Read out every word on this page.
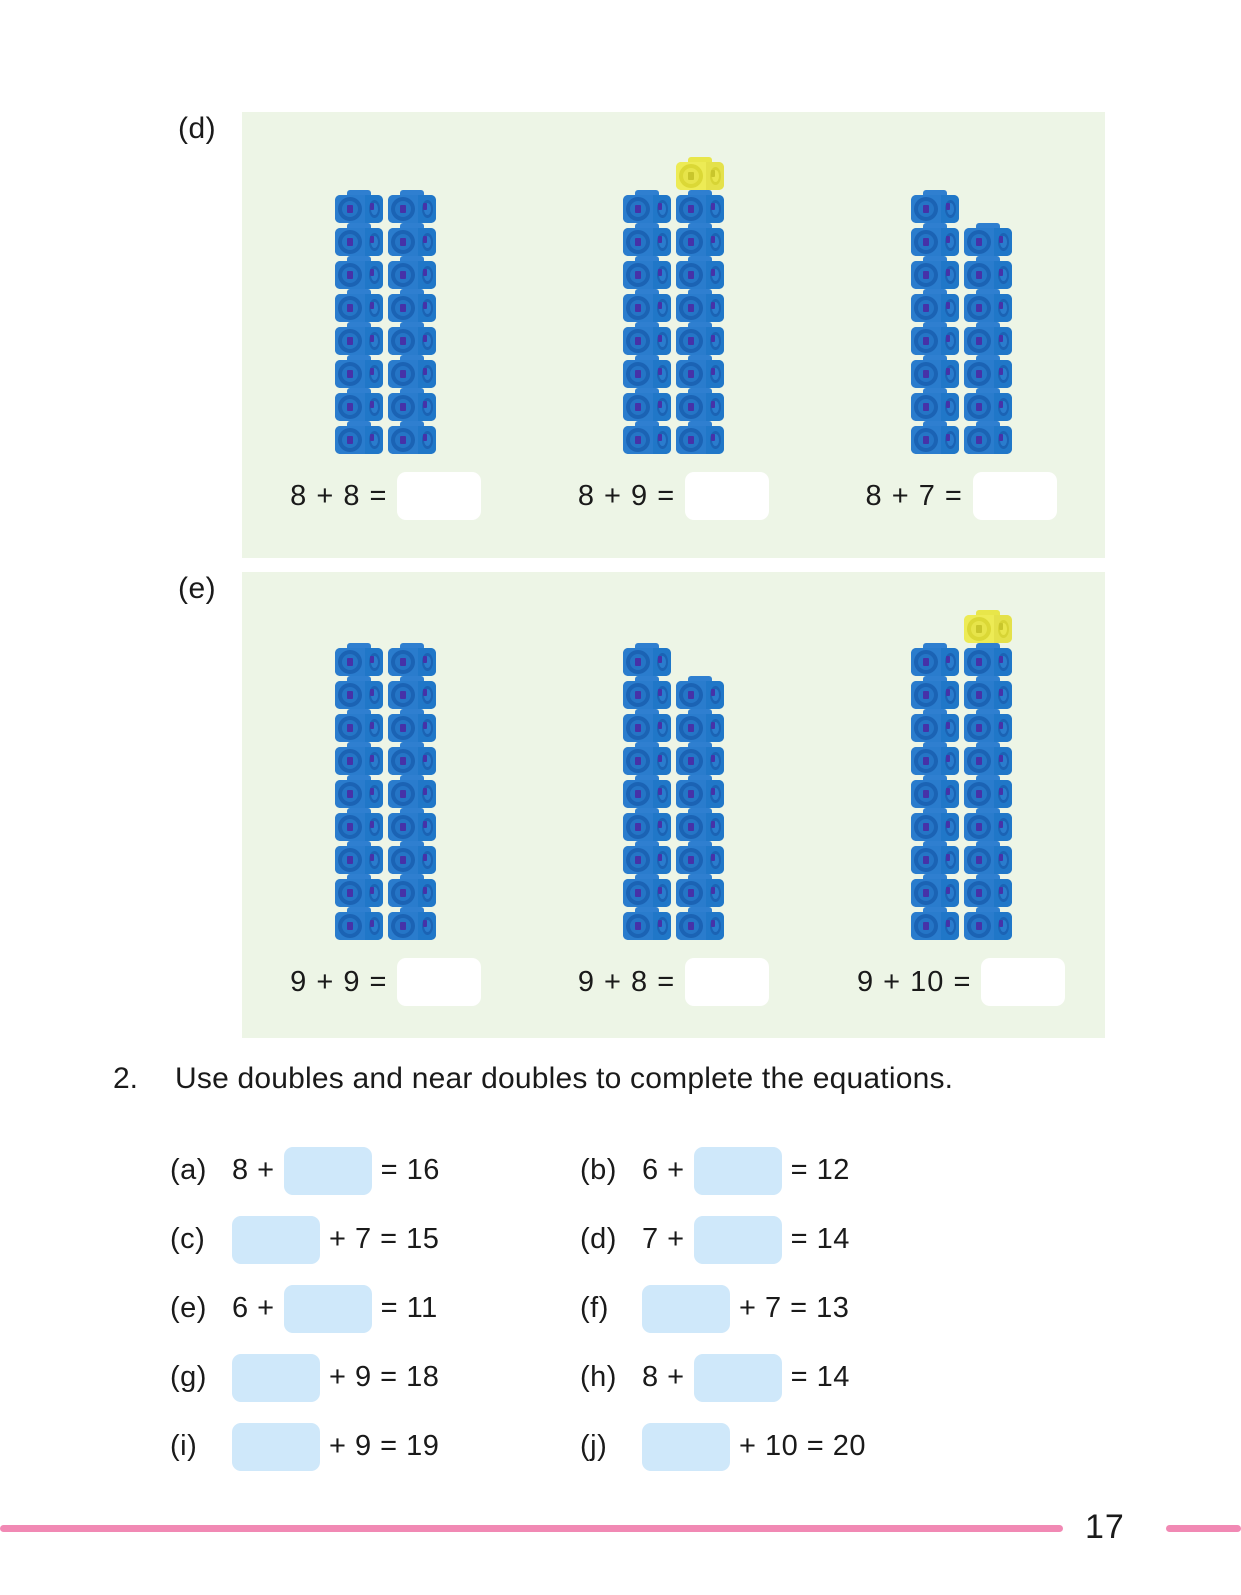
(d)
8 + 8 =	8 + 9 =	8 + 7 =
(e)
9 + 9 =	9 + 8 =	9 + 10 =
2.	Use doubles and near doubles to complete the equations.
(a) 8 +	= 16	(b) 6 +	= 12
(c)	+ 7 = 15	(d) 7 +	= 14
(e) 6 +	= 11	(f)	+ 7 = 13
(g)	+ 9 = 18	(h) 8 +	= 14
(i)	+ 9 = 19	(j)	+ 10 = 20
17
